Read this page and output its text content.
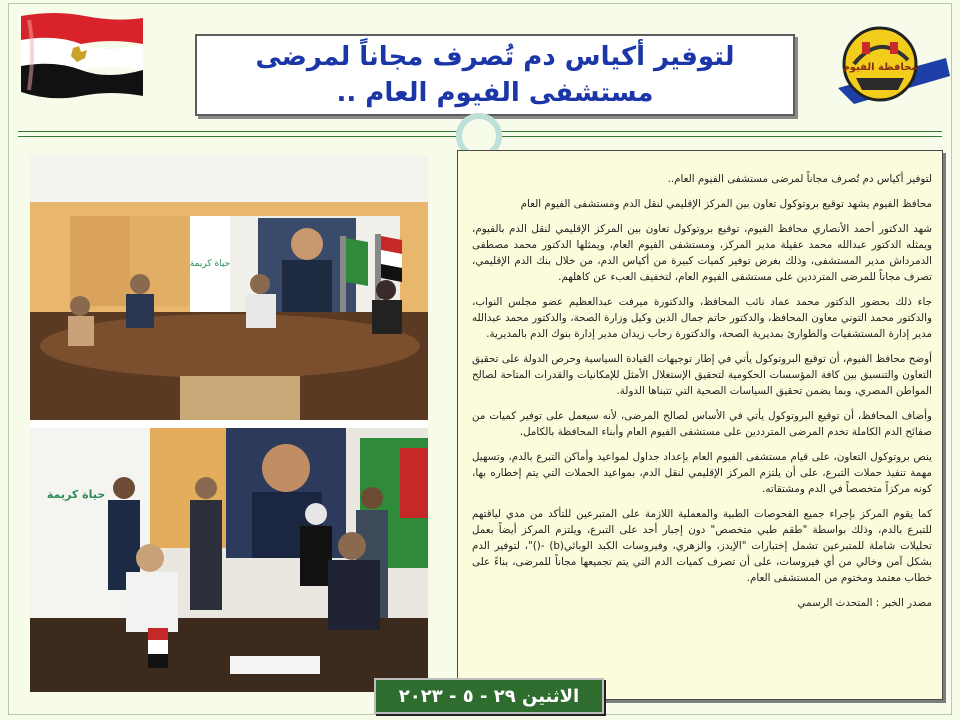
محافظة الفيوم
لتوفير أكياس دم تُصرف مجاناً لمرضى مستشفى الفيوم العام ..
حياة كريمة
حياة كريمة

لتوفير أكياس دم تُصرف مجاناً لمرضى مستشفى الفيوم العام..

محافظ الفيوم يشهد توقيع بروتوكول تعاون بين المركز الإقليمي لنقل الدم ومستشفى الفيوم العام

شهد الدكتور أحمد الأنصاري محافظ الفيوم، توقيع بروتوكول تعاون بين المركز الإقليمي لنقل الدم بالفيوم، ويمثله الدكتور عبدالله محمد عقيلة مدير المركز، ومستشفى الفيوم العام، ويمثلها الدكتور محمد مصطفى الدمرداش مدير المستشفى، وذلك بغرض توفير كميات كبيرة من أكياس الدم، من خلال بنك الدم الإقليمي، تصرف مجاناً للمرضى المترددين على مستشفى الفيوم العام، لتخفيف العبء عن كاهلهم.

جاء ذلك بحضور الدكتور محمد عماد نائب المحافظ، والدكتورة ميرفت عبدالعظيم عضو مجلس النواب، والدكتور محمد التوني معاون المحافظ، والدكتور حاتم جمال الدين وكيل وزارة الصحة، والدكتور محمد عبدالله مدير إدارة المستشفيات والطوارئ بمديرية الصحة، والدكتورة رحاب زيدان مدير إدارة بنوك الدم بالمديرية.

أوضح محافظ الفيوم، أن توقيع البروتوكول يأتي في إطار توجيهات القيادة السياسية وحرص الدولة على تحقيق التعاون والتنسيق بين كافة المؤسسات الحكومية لتحقيق الإستغلال الأمثل للإمكانيات والقدرات المتاحة لصالح المواطن المصري، وبما يضمن تحقيق السياسات الصحية التي تتبناها الدولة.

وأضاف المحافظ، أن توقيع البروتوكول يأتي في الأساس لصالح المرضى، لأنه سيعمل على توفير كميات من صفائح الدم الكاملة تخدم المرضى المترددين على مستشفى الفيوم العام وأبناء المحافظة بالكامل.

ينص بروتوكول التعاون، على قيام مستشفى الفيوم العام بإعداد جداول لمواعيد وأماكن التبرع بالدم، وتسهيل مهمة تنفيذ حملات التبرع، على أن يلتزم المركز الإقليمي لنقل الدم، بمواعيد الحملات التي يتم إخطاره بها، كونه مركزاً متخصصاً في الدم ومشتقاته.

كما يقوم المركز بإجراء جميع الفحوصات الطبية والمعملية اللازمة على المتبرعين للتأكد من مدي لياقتهم للتبرع بالدم، وذلك بواسطة "طقم طبي متخصص" دون إجبار أحد على التبرع، ويلتزم المركز أيضاً بعمل تحليلات شاملة للمتبرعين تشمل إختبارات "الإيدز، والزهري، وفيروسات الكبد الوبائي(b) -()"، لتوفير الدم بشكل آمن وخالي من أي فيروسات، على أن تصرف كميات الدم التي يتم تجميعها مجاناً للمرضى، بناءً على خطاب معتمد ومختوم من المستشفى العام.

مصدر الخبر : المتحدث الرسمي

الاثنين ٢٩ - ٥ - ٢٠٢٣
